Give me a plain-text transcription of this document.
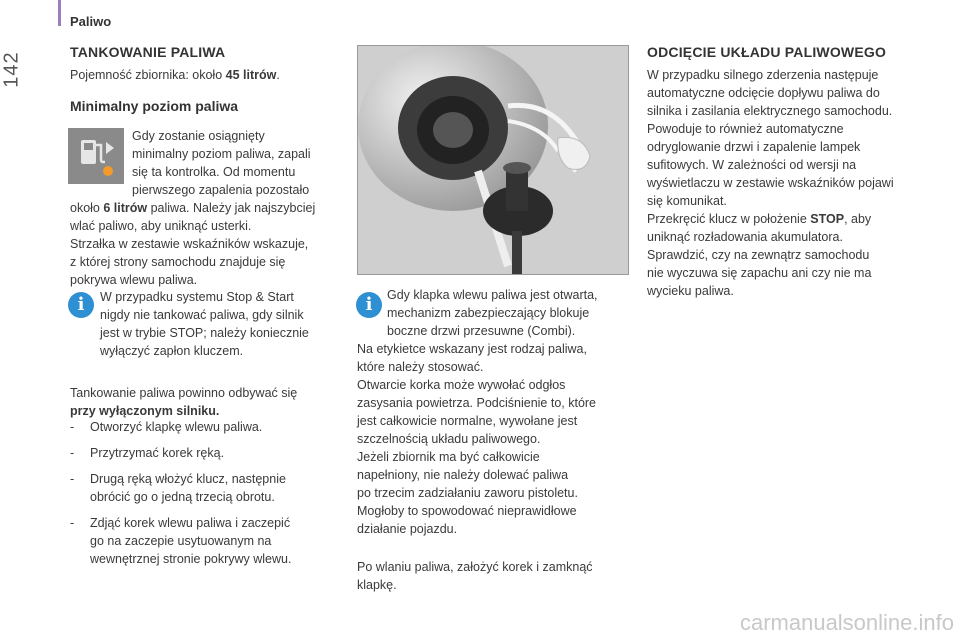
Paliwo
142	TANKOWANIE PALIWA

Pojemność zbiornika: około 45 litrów.

Minimalny poziom paliwa
Gdy zostanie osiągnięty
minimalny poziom paliwa, zapali
się ta kontrolka. Od momentu
pierwszego zapalenia pozostało
około 6 litrów paliwa. Należy jak najszybciej
wlać paliwo, aby uniknąć usterki.
Strzałka w zestawie wskaźników wskazuje,
z której strony samochodu znajduje się
pokrywa wlewu paliwa.
i	W przypadku systemu Stop & Start
nigdy nie tankować paliwa, gdy silnik
jest w trybie STOP; należy koniecznie
wyłączyć zapłon kluczem.
Tankowanie paliwa powinno odbywać się
przy wyłączonym silniku.
- Otworzyć klapkę wlewu paliwa.
- Przytrzymać korek ręką.
- Drugą ręką włożyć klucz, następnie
obrócić go o jedną trzecią obrotu.
- Zdjąć korek wlewu paliwa i zaczepić
go na zaczepie usytuowanym na
wewnętrznej stronie pokrywy wlewu.
i	Gdy klapka wlewu paliwa jest otwarta,
mechanizm zabezpieczający blokuje
boczne drzwi przesuwne (Combi).
Na etykietce wskazany jest rodzaj paliwa,
które należy stosować.
Otwarcie korka może wywołać odgłos
zasysania powietrza. Podciśnienie to, które
jest całkowicie normalne, wywołane jest
szczelnością układu paliwowego.
Jeżeli zbiornik ma być całkowicie
napełniony, nie należy dolewać paliwa
po trzecim zadziałaniu zaworu pistoletu.
Mogłoby to spowodować nieprawidłowe
działanie pojazdu.
Po wlaniu paliwa, założyć korek i zamknąć
klapkę.
ODCIĘCIE UKŁADU PALIWOWEGO
W przypadku silnego zderzenia następuje
automatyczne odcięcie dopływu paliwa do
silnika i zasilania elektrycznego samochodu.
Powoduje to również automatyczne
odryglowanie drzwi i zapalenie lampek
sufitowych. W zależności od wersji na
wyświetlaczu w zestawie wskaźników pojawi
się komunikat.
Przekręcić klucz w położenie STOP, aby
uniknąć rozładowania akumulatora.
Sprawdzić, czy na zewnątrz samochodu
nie wyczuwa się zapachu ani czy nie ma
wycieku paliwa.
carmanualsonline.info
